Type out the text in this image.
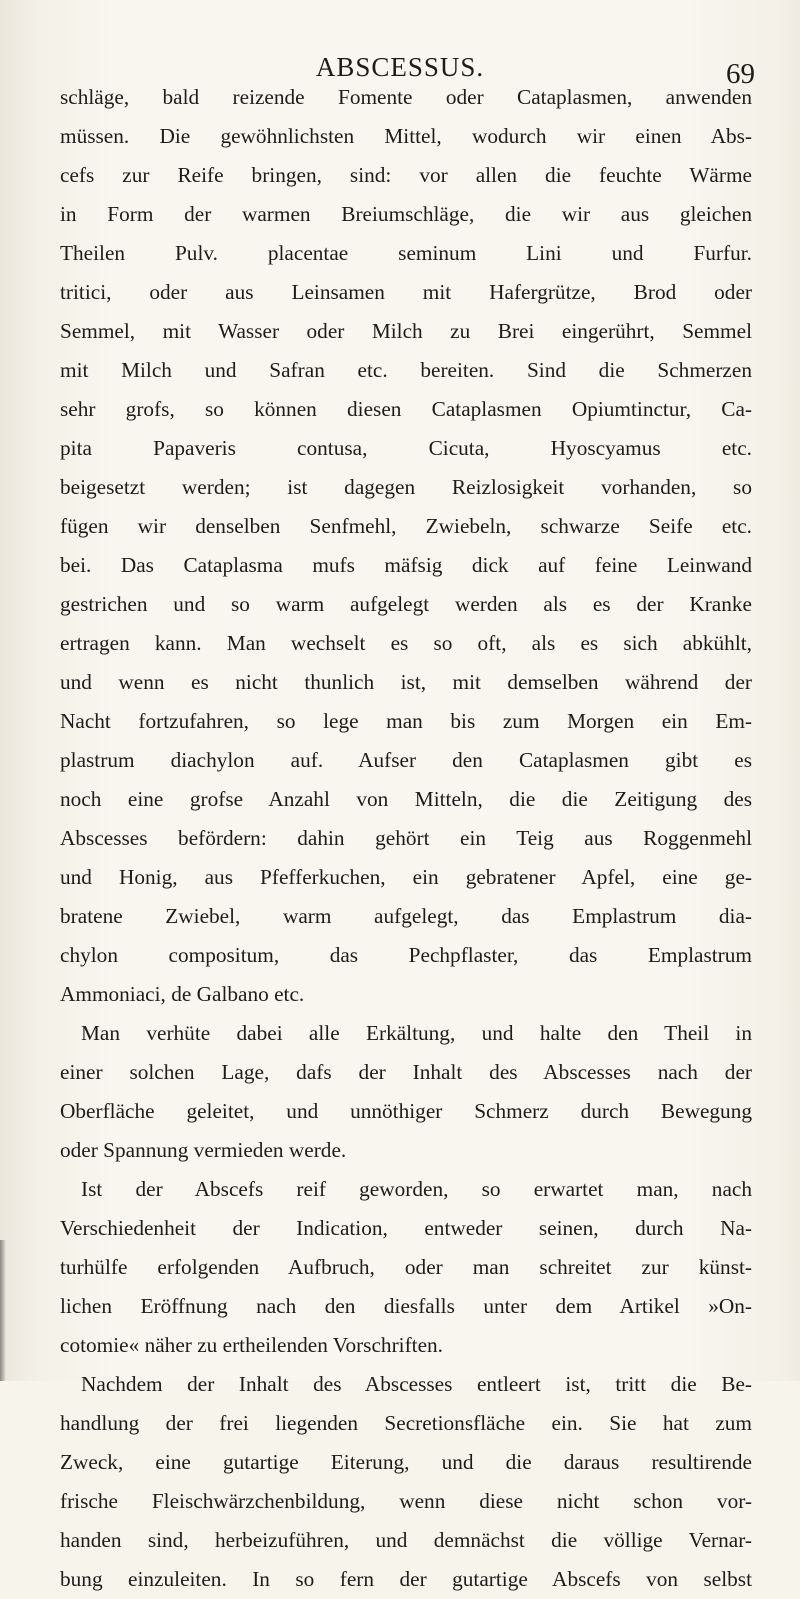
ABSCESSUS.	69
schläge, bald reizende Fomente oder Cataplasmen, anwenden
müssen. Die gewöhnlichsten Mittel, wodurch wir einen Abs-
cefs zur Reife bringen, sind: vor allen die feuchte Wärme
in Form der warmen Breiumschläge, die wir aus gleichen
Theilen Pulv. placentae seminum Lini und Furfur.
tritici, oder aus Leinsamen mit Hafergrütze, Brod oder
Semmel, mit Wasser oder Milch zu Brei eingerührt, Semmel
mit Milch und Safran etc. bereiten. Sind die Schmerzen
sehr grofs, so können diesen Cataplasmen Opiumtinctur, Ca-
pita Papaveris contusa, Cicuta, Hyoscyamus etc.
beigesetzt werden; ist dagegen Reizlosigkeit vorhanden, so
fügen wir denselben Senfmehl, Zwiebeln, schwarze Seife etc.
bei. Das Cataplasma mufs mäfsig dick auf feine Leinwand
gestrichen und so warm aufgelegt werden als es der Kranke
ertragen kann. Man wechselt es so oft, als es sich abkühlt,
und wenn es nicht thunlich ist, mit demselben während der
Nacht fortzufahren, so lege man bis zum Morgen ein Em-
plastrum diachylon auf. Aufser den Cataplasmen gibt es
noch eine grofse Anzahl von Mitteln, die die Zeitigung des
Abscesses befördern: dahin gehört ein Teig aus Roggenmehl
und Honig, aus Pfefferkuchen, ein gebratener Apfel, eine ge-
bratene Zwiebel, warm aufgelegt, das Emplastrum dia-
chylon compositum, das Pechpflaster, das Emplastrum
Ammoniaci, de Galbano etc.
Man verhüte dabei alle Erkältung, und halte den Theil in
einer solchen Lage, dafs der Inhalt des Abscesses nach der
Oberfläche geleitet, und unnöthiger Schmerz durch Bewegung
oder Spannung vermieden werde.
Ist der Abscefs reif geworden, so erwartet man, nach
Verschiedenheit der Indication, entweder seinen, durch Na-
turhülfe erfolgenden Aufbruch, oder man schreitet zur künst-
lichen Eröffnung nach den diesfalls unter dem Artikel »On-
cotomie« näher zu ertheilenden Vorschriften.
Nachdem der Inhalt des Abscesses entleert ist, tritt die Be-
handlung der frei liegenden Secretionsfläche ein. Sie hat zum
Zweck, eine gutartige Eiterung, und die daraus resultirende
frische Fleischwärzchenbildung, wenn diese nicht schon vor-
handen sind, herbeizuführen, und demnächst die völlige Vernar-
bung einzuleiten. In so fern der gutartige Abscefs von selbst
